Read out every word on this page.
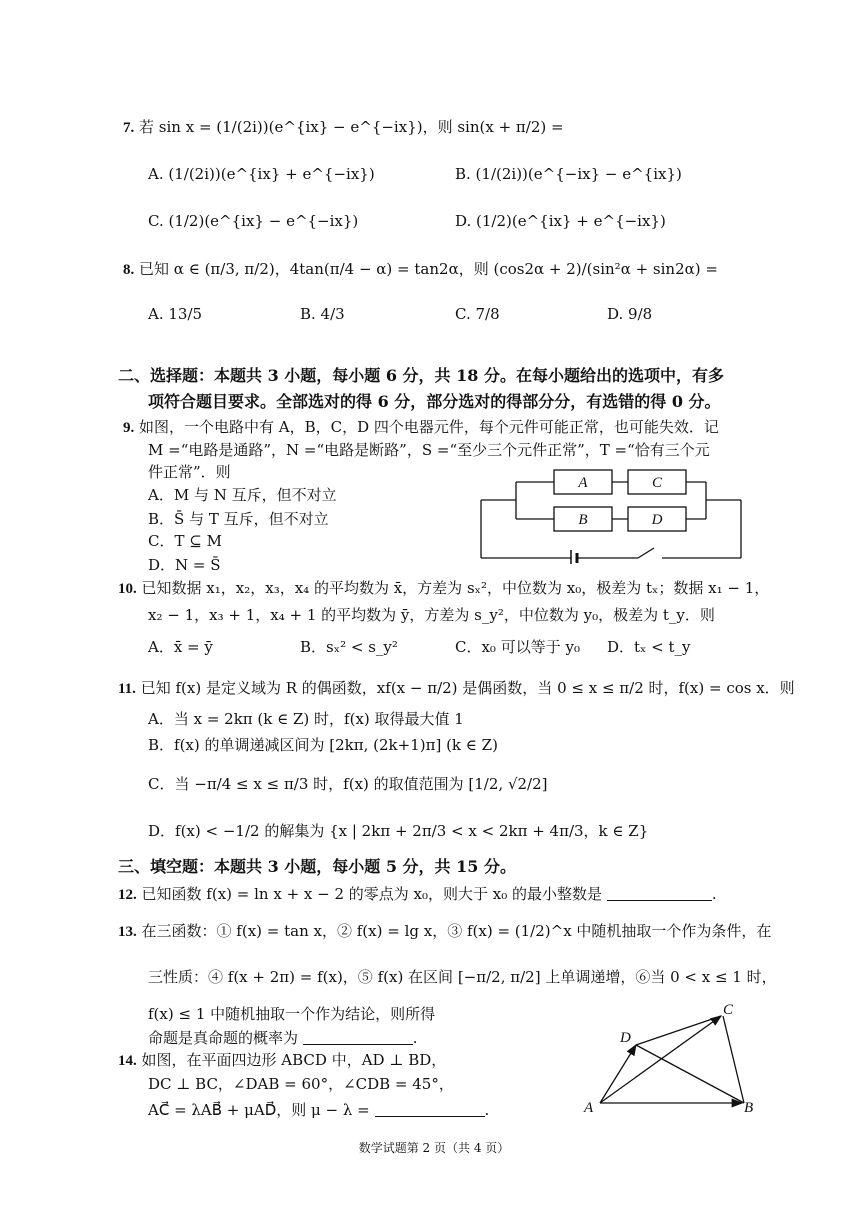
7. 若 sin x = (1/(2i))(e^{ix} − e^{−ix})，则 sin(x + π/2) =
A. (1/(2i))(e^{ix} + e^{−ix})	B. (1/(2i))(e^{−ix} − e^{ix})
C. (1/2)(e^{ix} − e^{−ix})	D. (1/2)(e^{ix} + e^{−ix})
8. 已知 α ∈ (π/3, π/2)，4tan(π/4 − α) = tan2α，则 (cos2α + 2)/(sin²α + sin2α) =
A. 13/5	B. 4/3	C. 7/8	D. 9/8
二、选择题：本题共 3 小题，每小题 6 分，共 18 分。在每小题给出的选项中，有多
项符合题目要求。全部选对的得 6 分，部分选对的得部分分，有选错的得 0 分。
9. 如图，一个电路中有 A，B，C，D 四个电器元件，每个元件可能正常，也可能失效．记
M =“电路是通路”，N =“电路是断路”，S =“至少三个元件正常”，T =“恰有三个元
件正常”．则
A．M 与 N 互斥，但不对立
B．S̄ 与 T 互斥，但不对立
C．T ⊆ M
D．N = S̄
A	C
B	D
10. 已知数据 x₁，x₂，x₃，x₄ 的平均数为 x̄，方差为 sₓ²，中位数为 x₀，极差为 tₓ；数据 x₁ − 1，
x₂ − 1，x₃ + 1，x₄ + 1 的平均数为 ȳ，方差为 s_y²，中位数为 y₀，极差为 t_y．则
A．x̄ = ȳ	B．sₓ² < s_y²	C．x₀ 可以等于 y₀ D．tₓ < t_y
11. 已知 f(x) 是定义域为 R 的偶函数，xf(x − π/2) 是偶函数，当 0 ≤ x ≤ π/2 时，f(x) = cos x．则
A．当 x = 2kπ (k ∈ Z) 时，f(x) 取得最大值 1
B．f(x) 的单调递减区间为 [2kπ, (2k+1)π] (k ∈ Z)
C．当 −π/4 ≤ x ≤ π/3 时，f(x) 的取值范围为 [1/2, √2/2]
D．f(x) < −1/2 的解集为 {x | 2kπ + 2π/3 < x < 2kπ + 4π/3，k ∈ Z}
三、填空题：本题共 3 小题，每小题 5 分，共 15 分。
12. 已知函数 f(x) = ln x + x − 2 的零点为 x₀，则大于 x₀ 的最小整数是	.
13. 在三函数：① f(x) = tan x，② f(x) = lg x，③ f(x) = (1/2)^x 中随机抽取一个作为条件，在
三性质：④ f(x + 2π) = f(x)，⑤ f(x) 在区间 [−π/2, π/2] 上单调递增，⑥当 0 < x ≤ 1 时，
f(x) ≤ 1 中随机抽取一个作为结论，则所得
命题是真命题的概率为	.
14. 如图，在平面四边形 ABCD 中，AD ⊥ BD，
DC ⊥ BC，∠DAB = 60°，∠CDB = 45°，
AC⃗ = λAB⃗ + μAD⃗，则 μ − λ =	.	A	B
C
D
数学试题第 2 页（共 4 页）
